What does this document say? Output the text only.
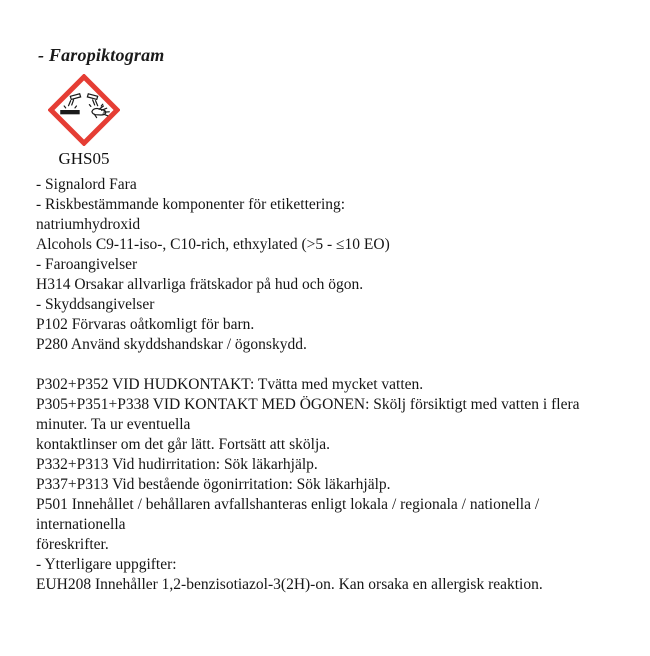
- Faropiktogram
GHS05
- Signalord Fara
- Riskbestämmande komponenter för etikettering:
natriumhydroxid
Alcohols C9-11-iso-, C10-rich, ethxylated (>5 - ≤10 EO)
- Faroangivelser
H314 Orsakar allvarliga frätskador på hud och ögon.
- Skyddsangivelser
P102 Förvaras oåtkomligt för barn.
P280 Använd skyddshandskar / ögonskydd.
P302+P352 VID HUDKONTAKT: Tvätta med mycket vatten.
P305+P351+P338 VID KONTAKT MED ÖGONEN: Skölj försiktigt med vatten i flera
minuter. Ta ur eventuella
kontaktlinser om det går lätt. Fortsätt att skölja.
P332+P313 Vid hudirritation: Sök läkarhjälp.
P337+P313 Vid bestående ögonirritation: Sök läkarhjälp.
P501 Innehållet / behållaren avfallshanteras enligt lokala / regionala / nationella /
internationella
föreskrifter.
- Ytterligare uppgifter:
EUH208 Innehåller 1,2-benzisotiazol-3(2H)-on. Kan orsaka en allergisk reaktion.
